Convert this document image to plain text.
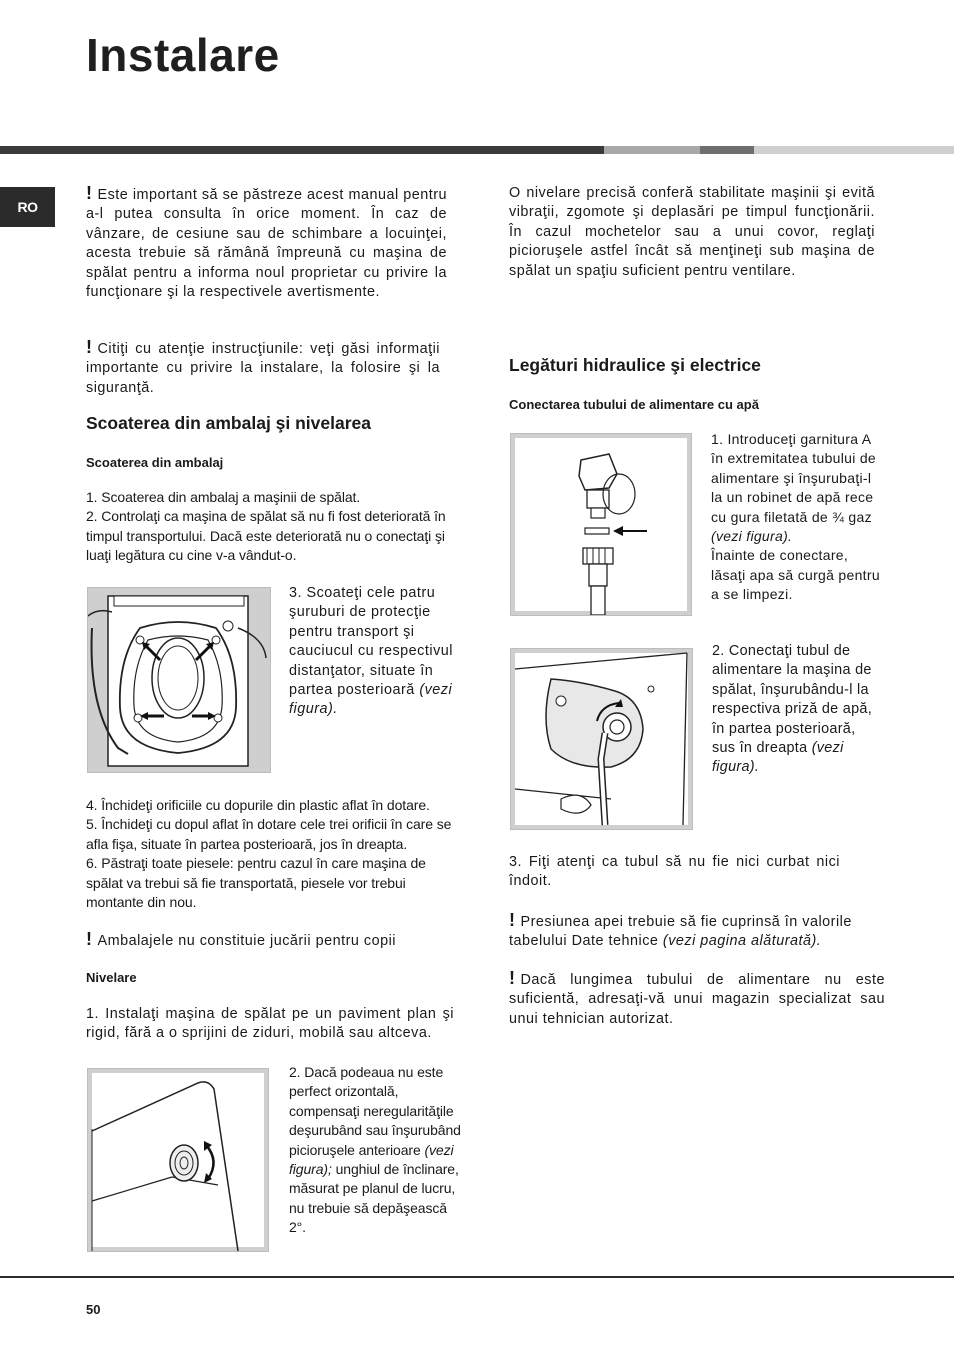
Instalare
RO

! Este important să se păstreze acest manual pentru a-l putea consulta în orice moment. În caz de vânzare, de cesiune sau de schimbare a locuinţei, acesta trebuie să rămână împreună cu maşina de spălat pentru a informa noul proprietar cu privire la funcţionare şi la respectivele avertismente.

! Citiţi cu atenţie instrucţiunile: veţi găsi informaţii importante cu privire la instalare, la folosire şi la siguranţă.

Scoaterea din ambalaj şi nivelarea
Scoaterea din ambalaj

1. Scoaterea din ambalaj a maşinii de spălat.

2. Controlaţi ca maşina de spălat să nu fi fost deteriorată în timpul transportului. Dacă este deteriorată nu o conectaţi şi luaţi legătura cu cine v-a vândut-o.

3. Scoateţi cele patru şuruburi de protecţie pentru transport şi cauciucul cu respectivul distanţator, situate în partea posterioară (vezi figura).

4. Închideţi orificiile cu dopurile din plastic aflat în dotare.

5. Închideţi cu dopul aflat în dotare cele trei orificii în care se afla fişa, situate în partea posterioară, jos în dreapta.

6. Păstraţi toate piesele: pentru cazul în care maşina de spălat va trebui să fie transportată, piesele vor trebui montante din nou.

! Ambalajele nu constituie jucării pentru copii

Nivelare

1. Instalaţi maşina de spălat pe un paviment plan şi rigid, fără a o sprijini de ziduri, mobilă sau altceva.

2. Dacă podeaua nu este perfect orizontală, compensaţi neregularităţile deşurubând sau înşurubând picioruşele anterioare (vezi figura); unghiul de înclinare, măsurat pe planul de lucru, nu trebuie să depăşească 2°.

O nivelare precisă conferă stabilitate maşinii şi evită vibraţii, zgomote şi deplasări pe timpul funcţionării. În cazul mochetelor sau a unui covor, reglaţi picioruşele astfel încât să menţineţi sub maşina de spălat un spaţiu suficient pentru ventilare.

Legături hidraulice şi electrice
Conectarea tubului de alimentare cu apă

1. Introduceţi garnitura A în extremitatea tubului de alimentare şi înşurubaţi-l la un robinet de apă rece cu gura filetată de ¾ gaz (vezi figura).
Înainte de conectare, lăsaţi apa să curgă pentru a se limpezi.

2. Conectaţi tubul de alimentare la maşina de spălat, înşurubându-l la respectiva priză de apă, în partea posterioară, sus în dreapta (vezi figura).

3. Fiţi atenţi ca tubul să nu fie nici curbat nici îndoit.

! Presiunea apei trebuie să fie cuprinsă în valorile tabelului Date tehnice (vezi pagina alăturată).

! Dacă lungimea tubului de alimentare nu este suficientă, adresaţi-vă unui magazin specializat sau unui tehnician autorizat.

50
